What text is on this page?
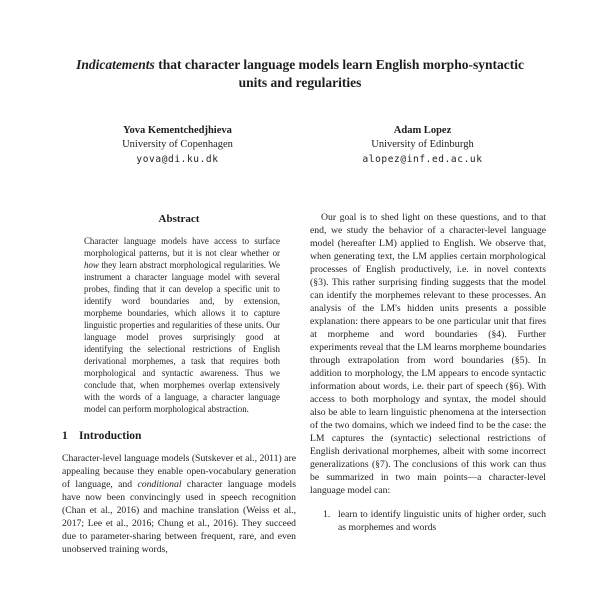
Indicatements that character language models learn English morpho-syntactic units and regularities
Yova Kementchedjhieva
University of Copenhagen
yova@di.ku.dk
Adam Lopez
University of Edinburgh
alopez@inf.ed.ac.uk
Abstract
Character language models have access to surface morphological patterns, but it is not clear whether or how they learn abstract morphological regularities. We instrument a character language model with several probes, finding that it can develop a specific unit to identify word boundaries and, by extension, morpheme boundaries, which allows it to capture linguistic properties and regularities of these units. Our language model proves surprisingly good at identifying the selectional restrictions of English derivational morphemes, a task that requires both morphological and syntactic awareness. Thus we conclude that, when morphemes overlap extensively with the words of a language, a character language model can perform morphological abstraction.
1 Introduction
Character-level language models (Sutskever et al., 2011) are appealing because they enable open-vocabulary generation of language, and conditional character language models have now been convincingly used in speech recognition (Chan et al., 2016) and machine translation (Weiss et al., 2017; Lee et al., 2016; Chung et al., 2016). They succeed due to parameter-sharing between frequent, rare, and even unobserved training words,
Our goal is to shed light on these questions, and to that end, we study the behavior of a character-level language model (hereafter LM) applied to English. We observe that, when generating text, the LM applies certain morphological processes of English productively, i.e. in novel contexts (§3). This rather surprising finding suggests that the model can identify the morphemes relevant to these processes. An analysis of the LM's hidden units presents a possible explanation: there appears to be one particular unit that fires at morpheme and word boundaries (§4). Further experiments reveal that the LM learns morpheme boundaries through extrapolation from word boundaries (§5). In addition to morphology, the LM appears to encode syntactic information about words, i.e. their part of speech (§6). With access to both morphology and syntax, the model should also be able to learn linguistic phenomena at the intersection of the two domains, which we indeed find to be the case: the LM captures the (syntactic) selectional restrictions of English derivational morphemes, albeit with some incorrect generalizations (§7). The conclusions of this work can thus be summarized in two main points—a character-level language model can:
1. learn to identify linguistic units of higher order, such as morphemes and words
